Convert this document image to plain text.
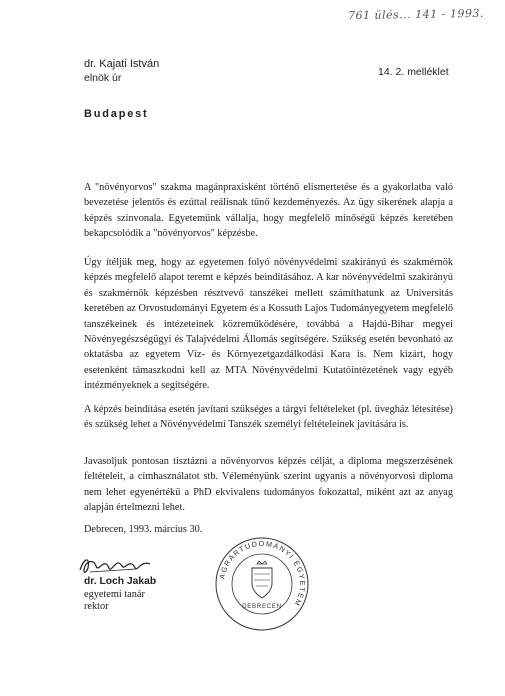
761 ülés... 141 - 1993.
dr. Kajati István
elnök úr	14. 2. melléklet
Budapest
A "növényorvos" szakma magánpraxisként történő elismertetése és a gyakorlatba való bevezetése jelentős és ezúttal reálisnak tűnő kezdeményezés. Az ügy sikerének alapja a képzés színvonala. Egyetemünk vállalja, hogy megfelelő minőségű képzés keretében bekapcsolódik a "növényorvos" képzésbe.
Úgy ítéljük meg, hogy az egyetemen folyó növényvédelmi szakirányú és szakmérnök képzés megfelelő alapot teremt e képzés beindításához. A kar növényvédelmi szakirányú és szakmérnök képzésben résztvevő tanszékei mellett számíthatunk az Universitás keretében az Orvostudományi Egyetem és a Kossuth Lajos Tudományegyetem megfelelő tanszékeinek és intézeteinek közreműködésére, továbbá a Hajdú-Bihar megyei Növényegészségügyi és Talajvédelmi Állomás segítségére. Szükség esetén bevonható az oktatásba az egyetem Víz- és Környezetgazdálkodási Kara is. Nem kizárt, hogy esetenként támaszkodni kell az MTA Növényvédelmi Kutatóintézetének vagy egyéb intézményeknek a segítségére.
A képzés beindítása esetén javítani szükséges a tárgyi feltételeket (pl. üvegház létesítése) és szükség lehet a Növényvédelmi Tanszék személyi feltételeinek javítására is.
Javasoljuk pontosan tisztázni a növényorvos képzés célját, a diploma megszerzésének feltételeit, a címhasználatot stb. Véleményünk szerint ugyanis a növényorvosi diploma nem lehet egyenértékű a PhD ekvivalens tudományos fokozattal, miként azt az anyag alapján értelmezni lehet.
Debrecen, 1993. március 30.
dr. Loch Jakab
egyetemi tanár
rektor
AGRÁRTUDOMÁNYI EGYETEM
DEBRECEN
